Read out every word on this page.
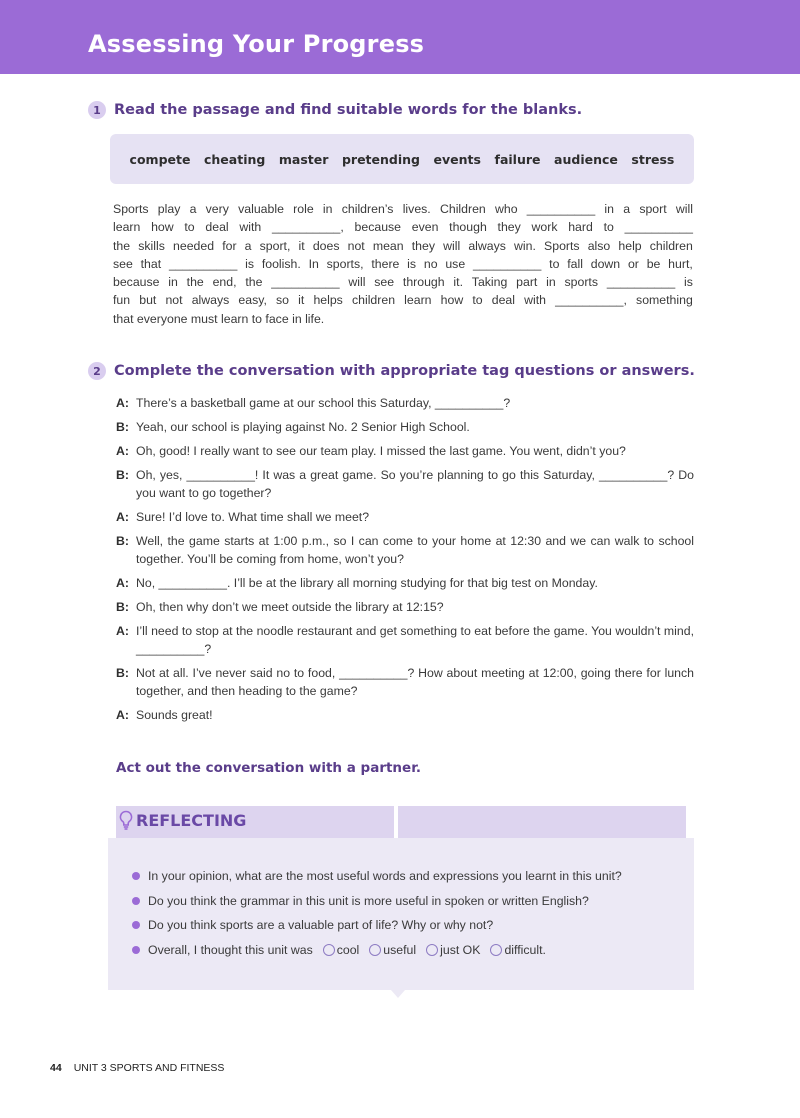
Assessing Your Progress
1 Read the passage and find suitable words for the blanks.
compete cheating master pretending events failure audience stress
Sports play a very valuable role in children’s lives. Children who __________ in a sport will
learn how to deal with __________, because even though they work hard to __________
the skills needed for a sport, it does not mean they will always win. Sports also help children
see that __________ is foolish. In sports, there is no use __________ to fall down or be hurt,
because in the end, the __________ will see through it. Taking part in sports __________ is
fun but not always easy, so it helps children learn how to deal with __________, something
that everyone must learn to face in life.
2 Complete the conversation with appropriate tag questions or answers.
A: There’s a basketball game at our school this Saturday, __________?
B: Yeah, our school is playing against No. 2 Senior High School.
A: Oh, good! I really want to see our team play. I missed the last game. You went, didn’t you?
B: Oh, yes, __________! It was a great game. So you’re planning to go this Saturday, __________? Do you want to go together?
A: Sure! I’d love to. What time shall we meet?
B: Well, the game starts at 1:00 p.m., so I can come to your home at 12:30 and we can walk to school together. You’ll be coming from home, won’t you?
A: No, __________. I’ll be at the library all morning studying for that big test on Monday.
B: Oh, then why don’t we meet outside the library at 12:15?
A: I’ll need to stop at the noodle restaurant and get something to eat before the game. You wouldn’t mind, __________?
B: Not at all. I’ve never said no to food, __________? How about meeting at 12:00, going there for lunch together, and then heading to the game?
A: Sounds great!
Act out the conversation with a partner.
REFLECTING
In your opinion, what are the most useful words and expressions you learnt in this unit?
Do you think the grammar in this unit is more useful in spoken or written English?
Do you think sports are a valuable part of life? Why or why not?
Overall, I thought this unit was cool useful just OK difficult.
44 UNIT 3 SPORTS AND FITNESS
